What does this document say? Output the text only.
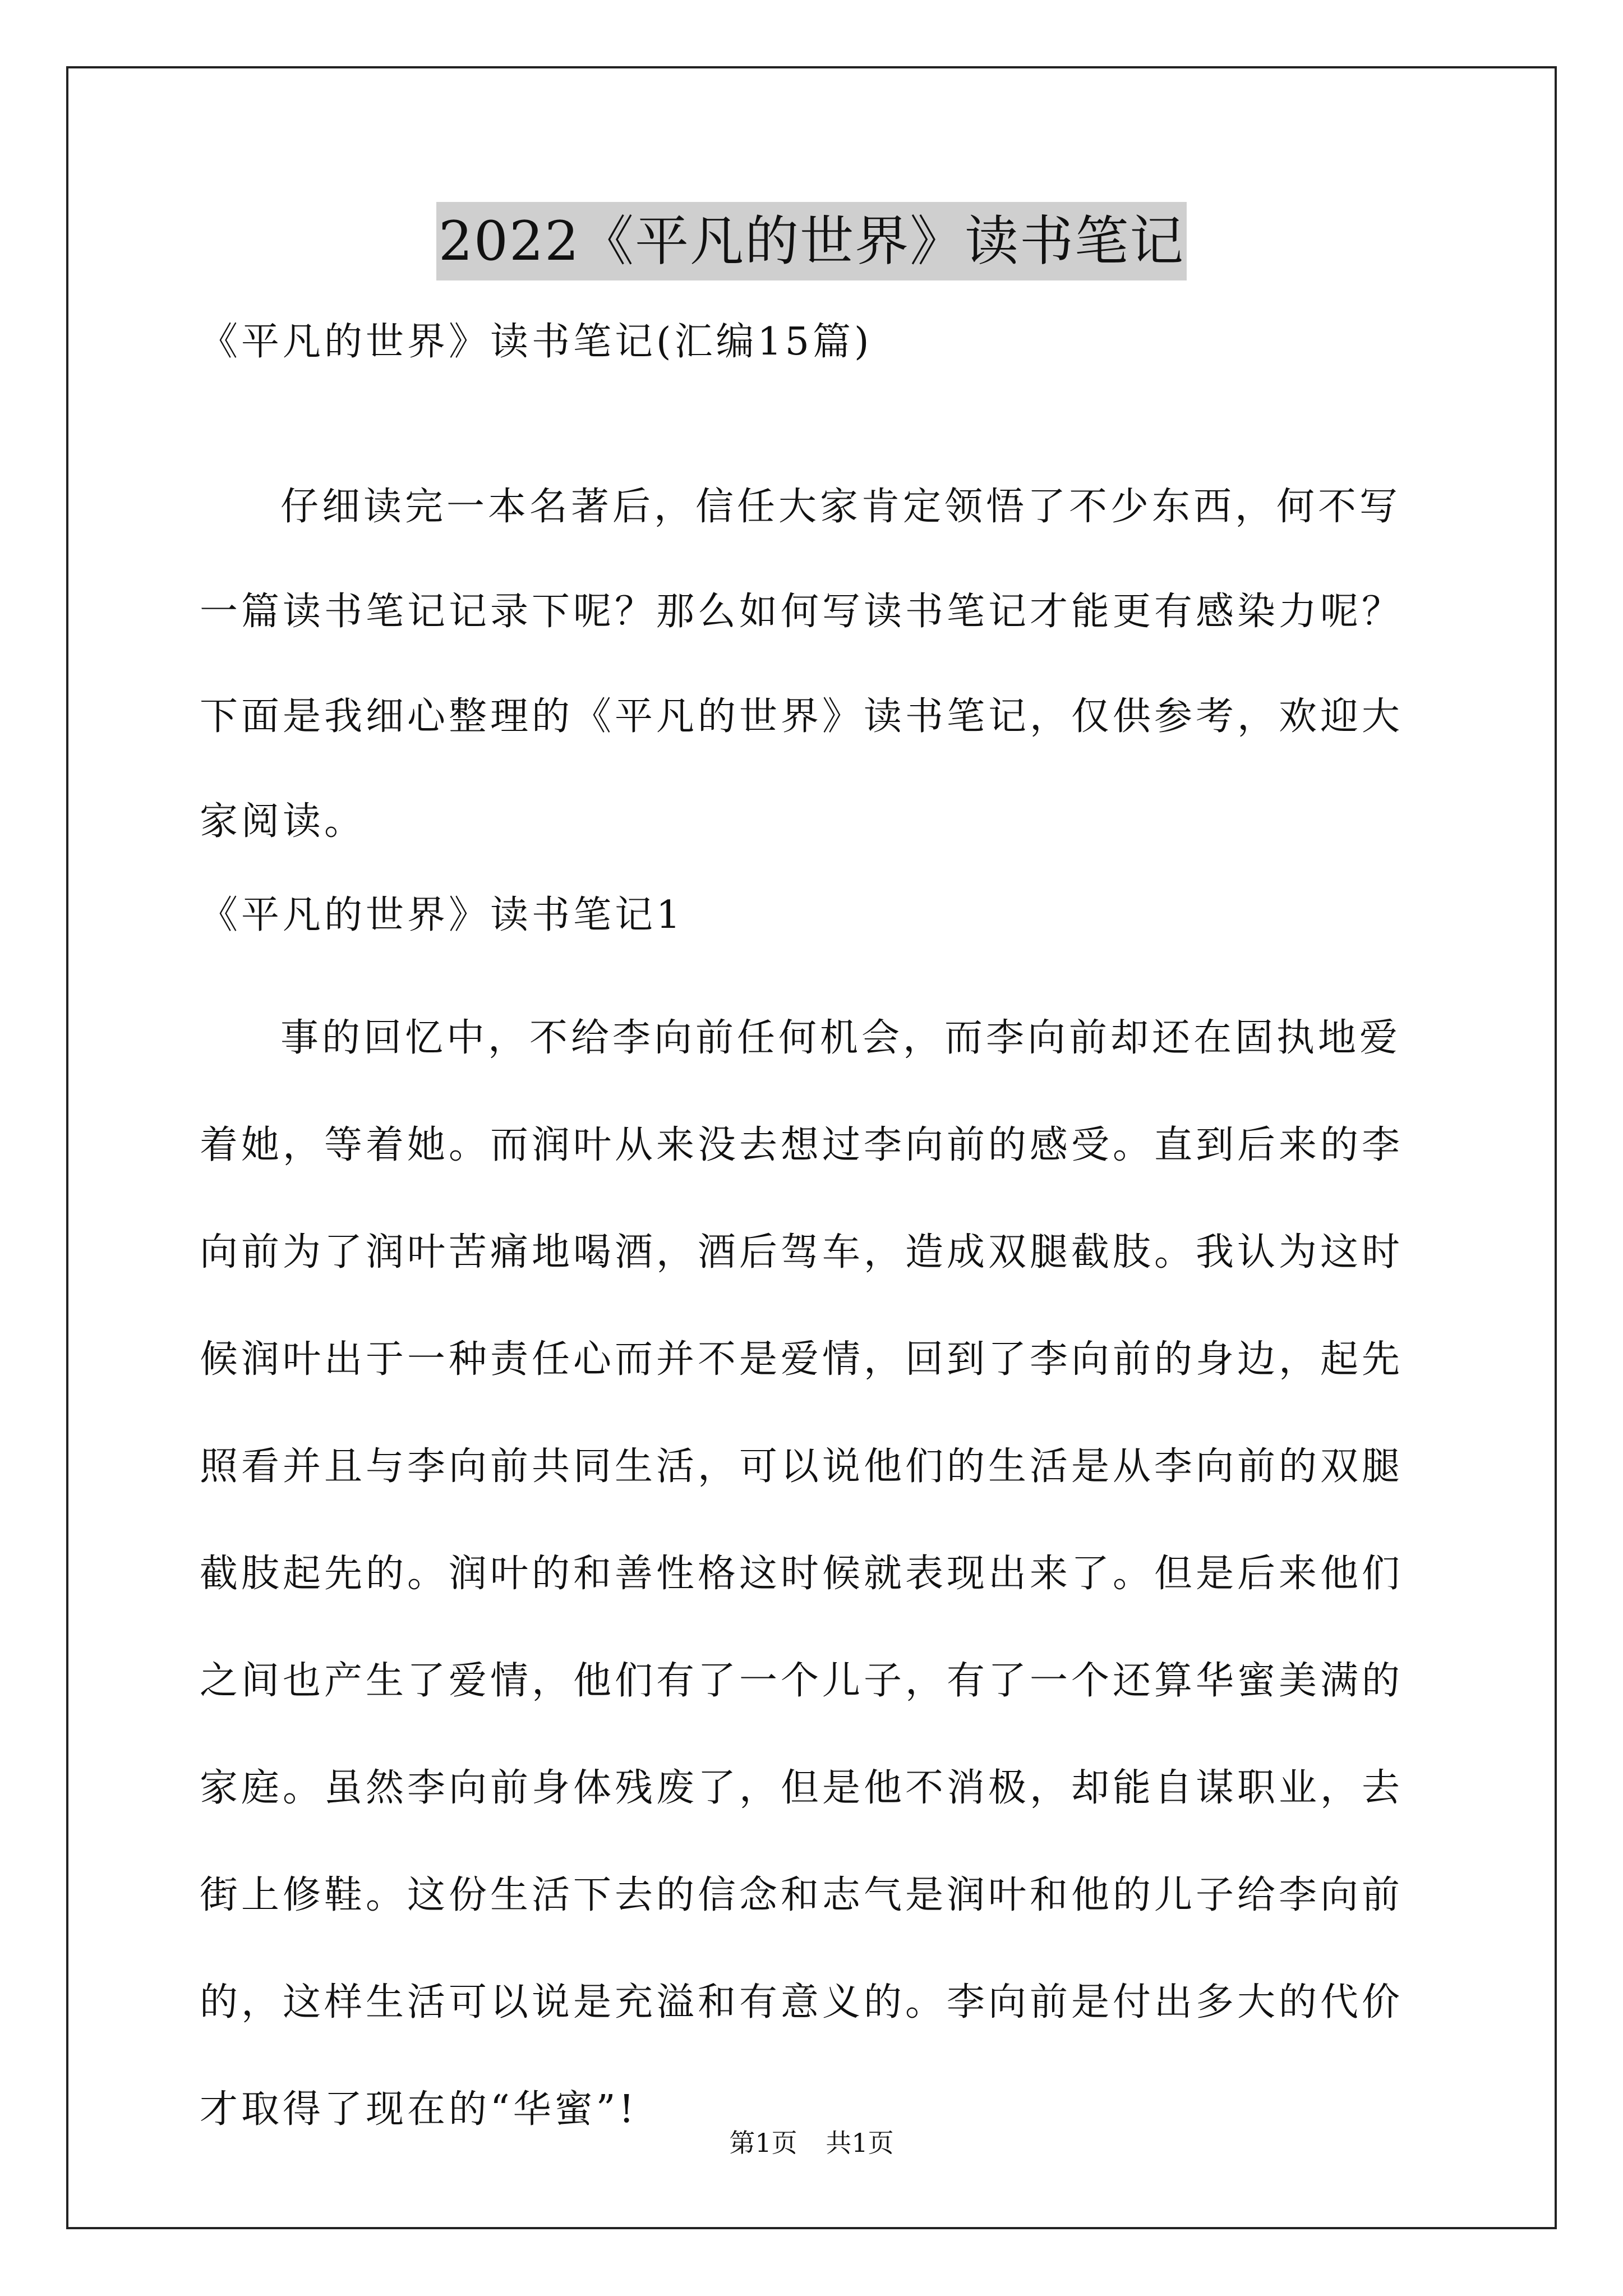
2022《平凡的世界》读书笔记

《平凡的世界》读书笔记(汇编15篇)

仔细读完一本名著后，信任大家肯定领悟了不少东西，何不写一篇读书笔记记录下呢？那么如何写读书笔记才能更有感染力呢？下面是我细心整理的《平凡的世界》读书笔记，仅供参考，欢迎大家阅读。

《平凡的世界》读书笔记1

事的回忆中，不给李向前任何机会，而李向前却还在固执地爱着她，等着她。而润叶从来没去想过李向前的感受。直到后来的李向前为了润叶苦痛地喝酒，酒后驾车，造成双腿截肢。我认为这时候润叶出于一种责任心而并不是爱情，回到了李向前的身边，起先照看并且与李向前共同生活，可以说他们的生活是从李向前的双腿截肢起先的。润叶的和善性格这时候就表现出来了。但是后来他们之间也产生了爱情，他们有了一个儿子，有了一个还算华蜜美满的家庭。虽然李向前身体残废了，但是他不消极，却能自谋职业，去街上修鞋。这份生活下去的信念和志气是润叶和他的儿子给李向前的，这样生活可以说是充溢和有意义的。李向前是付出多大的代价才取得了现在的“华蜜”!

第1页 共1页
